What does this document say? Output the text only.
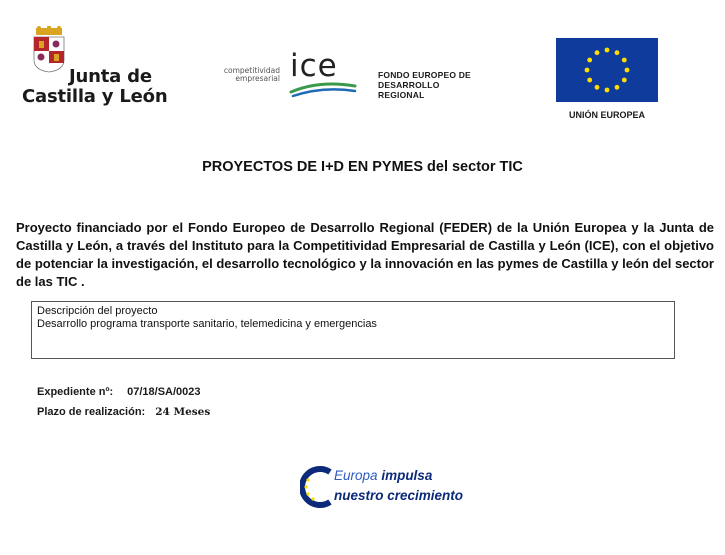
Junta de
Castilla y León
competitividad
empresarial ice	FONDO EUROPEO DE
DESARROLLO
REGIONAL
UNIÓN EUROPEA
PROYECTOS DE I+D EN PYMES del sector TIC

Proyecto financiado por el Fondo Europeo de Desarrollo Regional (FEDER) de la Unión Europea y la Junta de Castilla y León, a través del Instituto para la Competitividad Empresarial de Castilla y León (ICE), con el objetivo de potenciar la investigación, el desarrollo tecnológico y la innovación en las pymes de Castilla y león del sector de las TIC .

Descripción del proyecto
Desarrollo programa transporte sanitario, telemedicina y emergencias
Expediente nº: 07/18/SA/0023
Plazo de realización: 24 Meses
Europa impulsa
nuestro crecimiento
